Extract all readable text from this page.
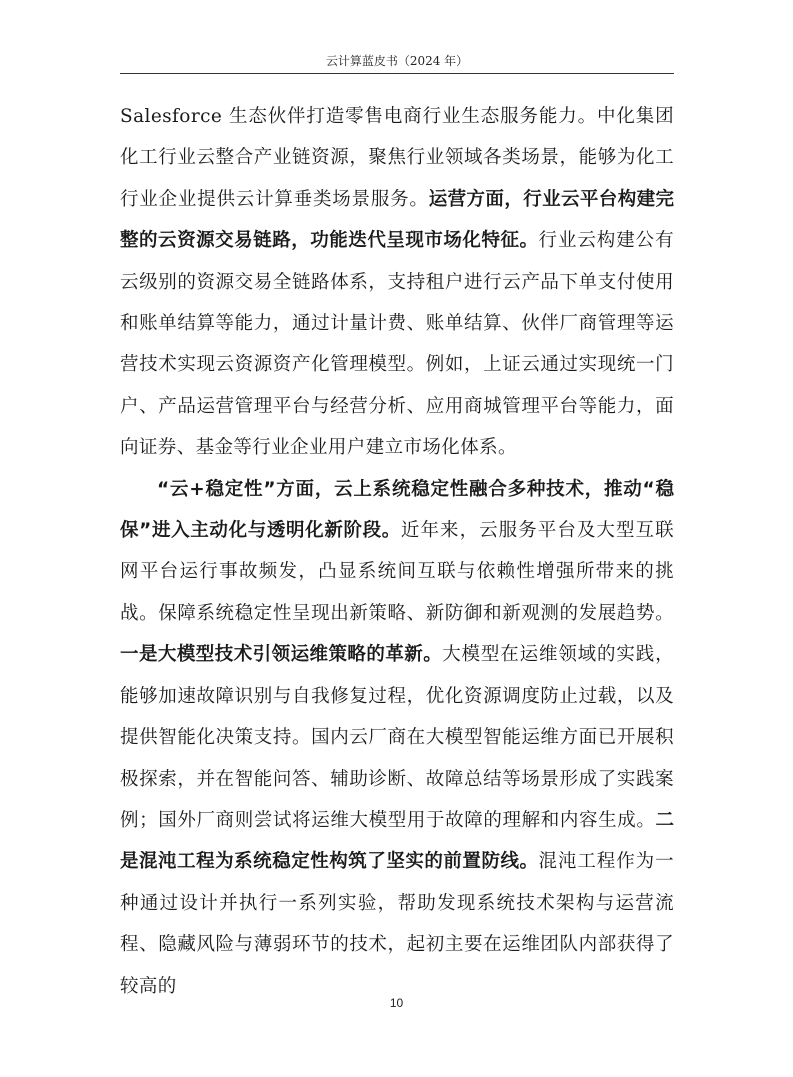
云计算蓝皮书（2024 年）

Salesforce 生态伙伴打造零售电商行业生态服务能力。中化集团化工行业云整合产业链资源，聚焦行业领域各类场景，能够为化工行业企业提供云计算垂类场景服务。运营方面，行业云平台构建完整的云资源交易链路，功能迭代呈现市场化特征。行业云构建公有云级别的资源交易全链路体系，支持租户进行云产品下单支付使用和账单结算等能力，通过计量计费、账单结算、伙伴厂商管理等运营技术实现云资源资产化管理模型。例如，上证云通过实现统一门户、产品运营管理平台与经营分析、应用商城管理平台等能力，面向证券、基金等行业企业用户建立市场化体系。

“云+稳定性”方面，云上系统稳定性融合多种技术，推动“稳保”进入主动化与透明化新阶段。近年来，云服务平台及大型互联网平台运行事故频发，凸显系统间互联与依赖性增强所带来的挑战。保障系统稳定性呈现出新策略、新防御和新观测的发展趋势。一是大模型技术引领运维策略的革新。大模型在运维领域的实践，能够加速故障识别与自我修复过程，优化资源调度防止过载，以及提供智能化决策支持。国内云厂商在大模型智能运维方面已开展积极探索，并在智能问答、辅助诊断、故障总结等场景形成了实践案例；国外厂商则尝试将运维大模型用于故障的理解和内容生成。二是混沌工程为系统稳定性构筑了坚实的前置防线。混沌工程作为一种通过设计并执行一系列实验，帮助发现系统技术架构与运营流程、隐藏风险与薄弱环节的技术，起初主要在运维团队内部获得了较高的

10
